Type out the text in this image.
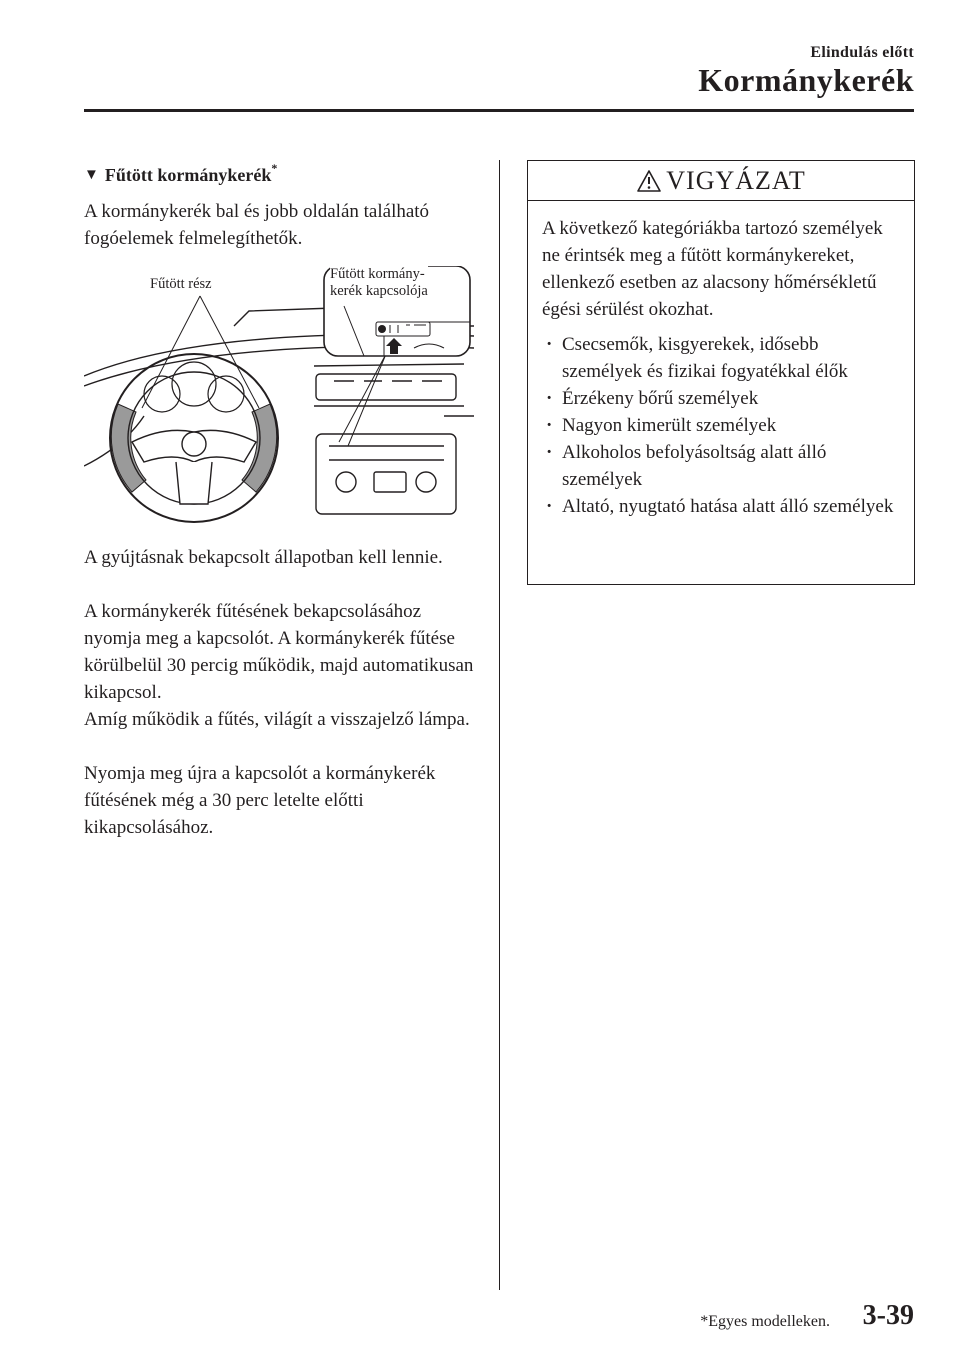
Elindulás előtt
Kormánykerék
▼ Fűtött kormánykerék*

A kormánykerék bal és jobb oldalán található fogóelemek felmelegíthetők.

Fűtött rész
Fűtött kormány-
kerék kapcsolója

A gyújtásnak bekapcsolt állapotban kell lennie.

A kormánykerék fűtésének bekapcsolásához nyomja meg a kapcsolót. A kormánykerék fűtése körülbelül 30 percig működik, majd automatikusan kikapcsol.

Amíg működik a fűtés, világít a visszajelző lámpa.

Nyomja meg újra a kapcsolót a kormánykerék fűtésének még a 30 perc letelte előtti kikapcsolásához.

VIGYÁZAT

A következő kategóriákba tartozó személyek ne érintsék meg a fűtött kormánykereket, ellenkező esetben az alacsony hőmérsékletű égési sérülést okozhat.

· Csecsemők, kisgyerekek, idősebb személyek és fizikai fogyatékkal élők
· Érzékeny bőrű személyek
· Nagyon kimerült személyek
· Alkoholos befolyásoltság alatt álló személyek
· Altató, nyugtató hatása alatt álló személyek
*Egyes modelleken. 3-39
